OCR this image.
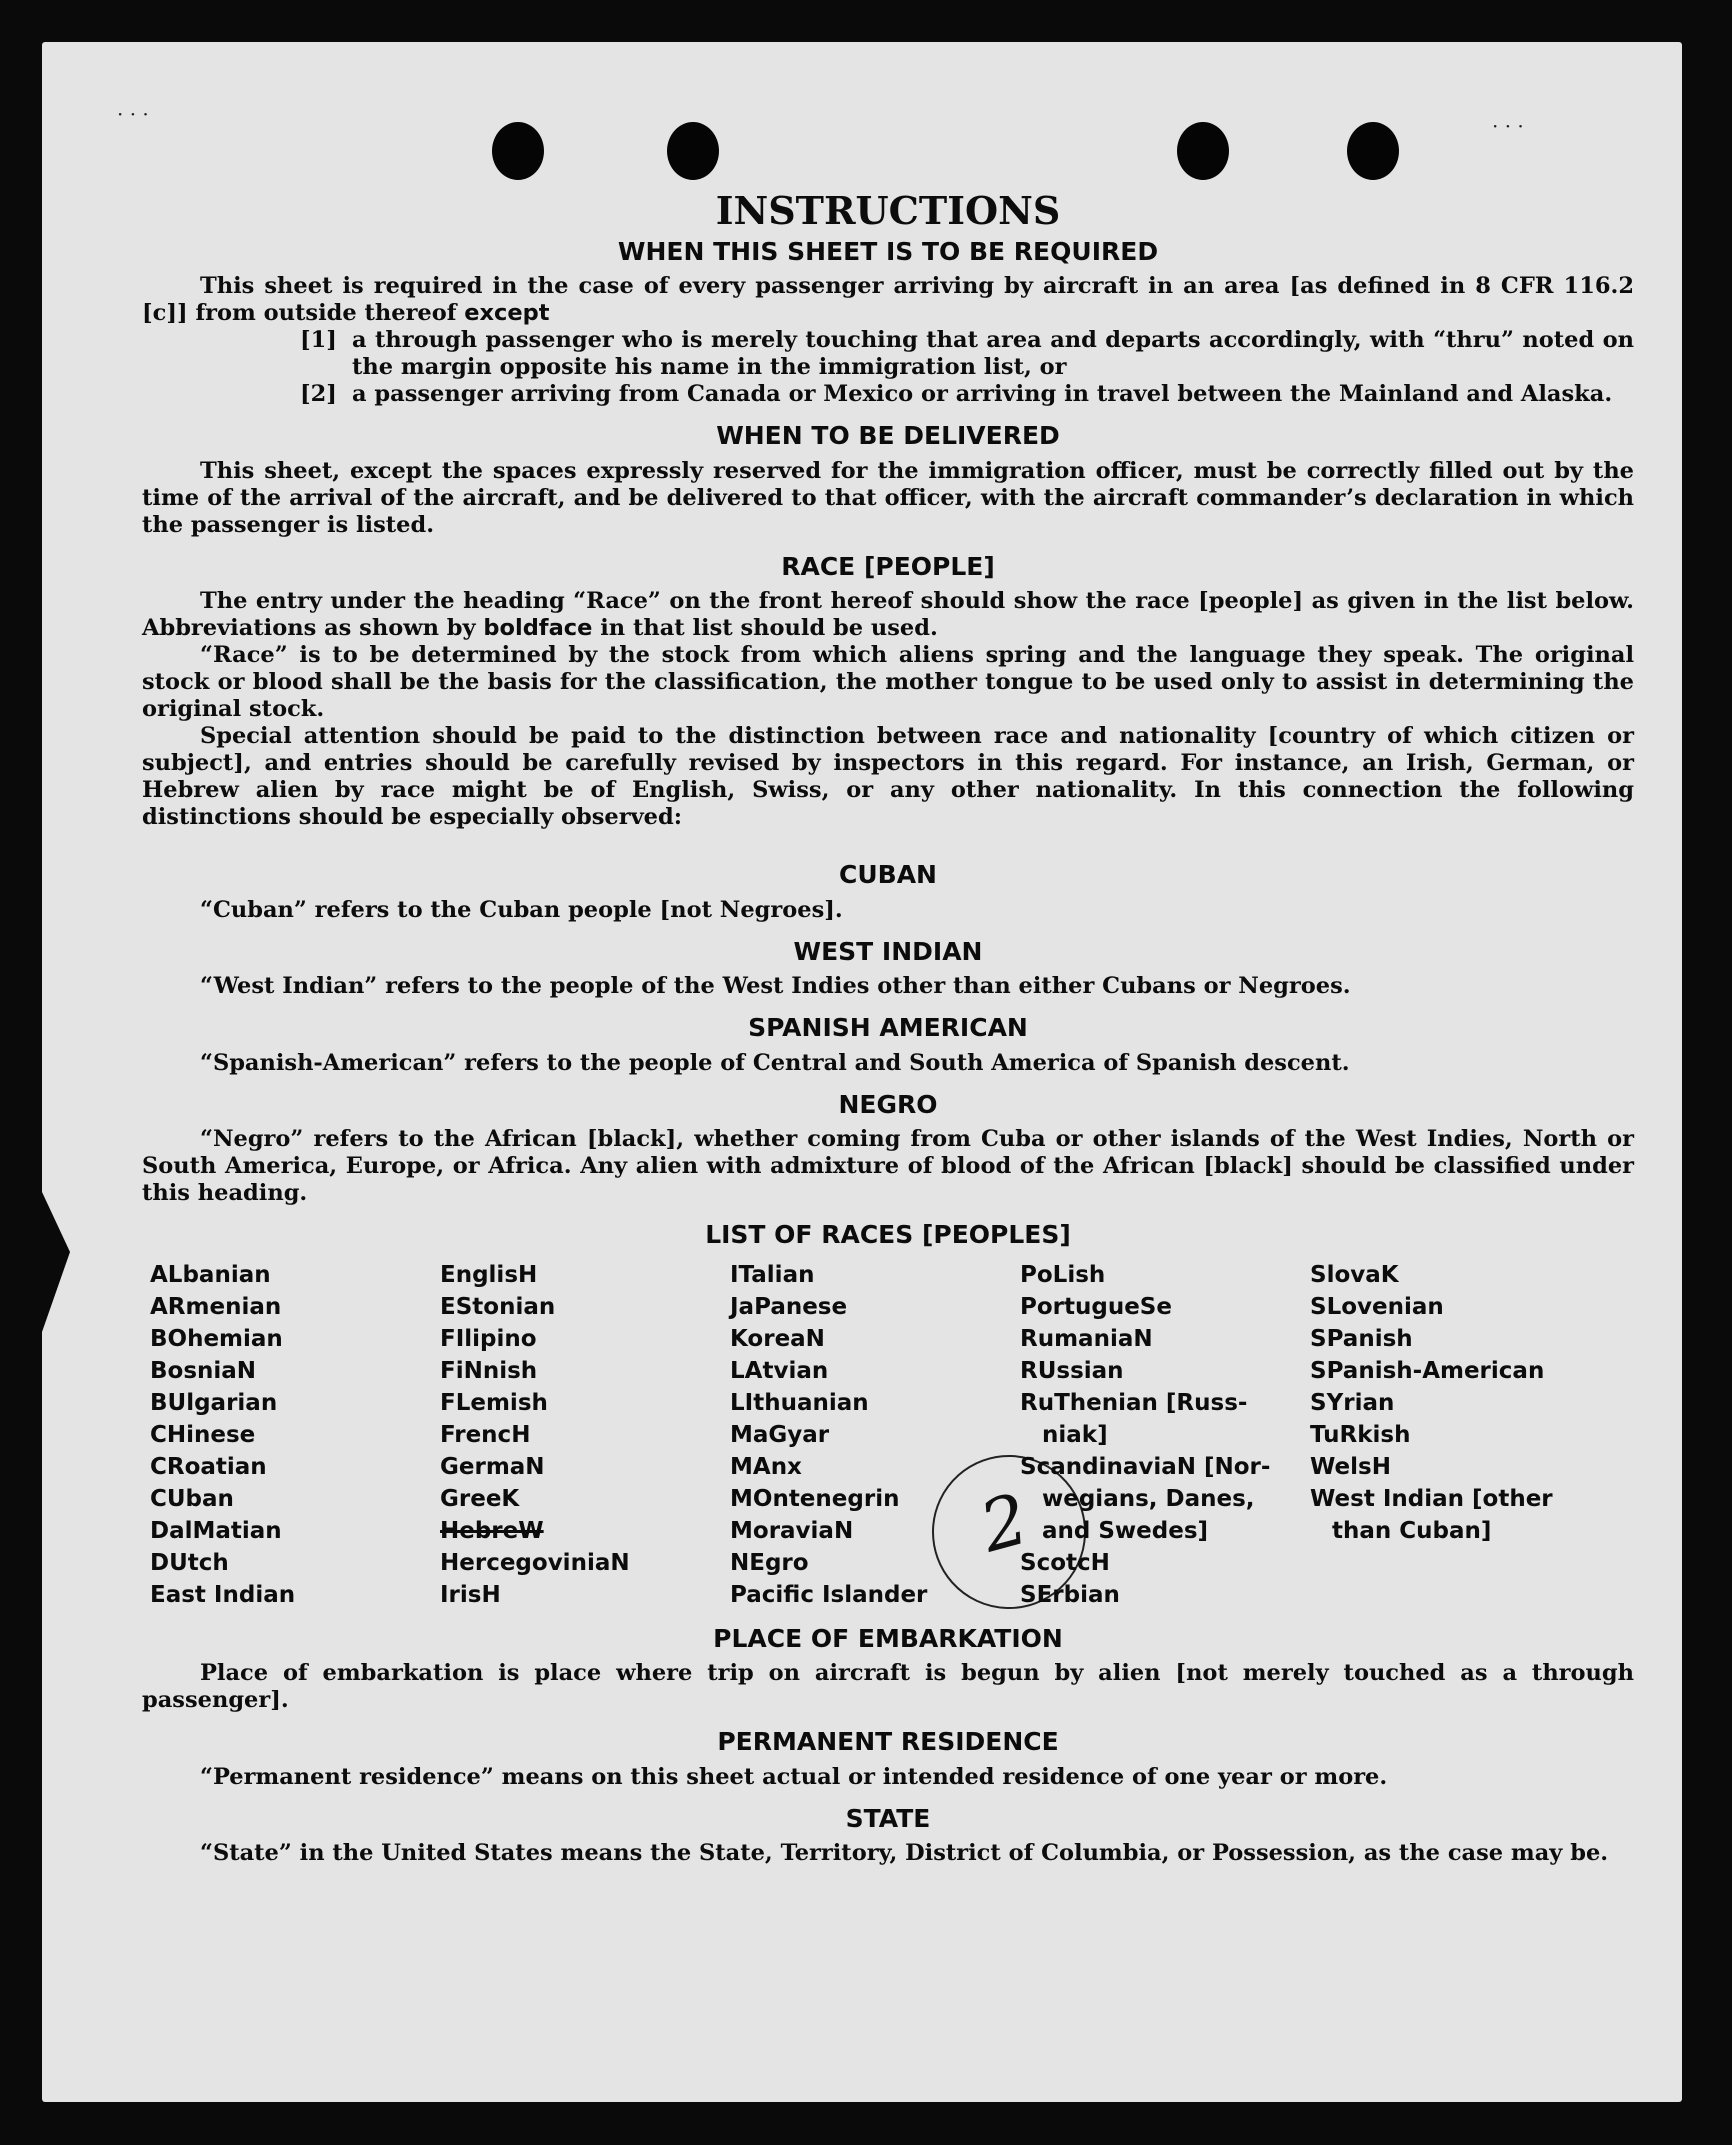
· · ·	· · ·
2
INSTRUCTIONS
WHEN THIS SHEET IS TO BE REQUIRED

This sheet is required in the case of every passenger arriving by aircraft in an area [as defined in 8 CFR 116.2 [c]] from outside thereof except

[1] a through passenger who is merely touching that area and departs accordingly, with “thru” noted on the margin opposite his name in the immigration list, or
[2] a passenger arriving from Canada or Mexico or arriving in travel between the Mainland and Alaska.
WHEN TO BE DELIVERED

This sheet, except the spaces expressly reserved for the immigration officer, must be correctly filled out by the time of the arrival of the aircraft, and be delivered to that officer, with the aircraft commander’s declaration in which the passenger is listed.

RACE [PEOPLE]

The entry under the heading “Race” on the front hereof should show the race [people] as given in the list below. Abbreviations as shown by boldface in that list should be used.

“Race” is to be determined by the stock from which aliens spring and the language they speak. The original stock or blood shall be the basis for the classification, the mother tongue to be used only to assist in determining the original stock.

Special attention should be paid to the distinction between race and nationality [country of which citizen or subject], and entries should be carefully revised by inspectors in this regard. For instance, an Irish, German, or Hebrew alien by race might be of English, Swiss, or any other nationality. In this connection the following distinctions should be especially observed:

CUBAN

“Cuban” refers to the Cuban people [not Negroes].

WEST INDIAN

“West Indian” refers to the people of the West Indies other than either Cubans or Negroes.

SPANISH AMERICAN

“Spanish-American” refers to the people of Central and South America of Spanish descent.

NEGRO

“Negro” refers to the African [black], whether coming from Cuba or other islands of the West Indies, North or South America, Europe, or Africa. Any alien with admixture of blood of the African [black] should be classified under this heading.

LIST OF RACES [PEOPLES]
ALbanian
ARmenian
BOhemian
BosniaN
BUlgarian
CHinese
CRoatian
CUban
DalMatian
DUtch
East Indian
EnglisH
EStonian
FIlipino
FiNnish
FLemish
FrencH
GermaN
GreeK
HebreW
HercegoviniaN
IrisH
ITalian
JaPanese
KoreaN
LAtvian
LIthuanian
MaGyar
MAnx
MOntenegrin
MoraviaN
NEgro
Pacific Islander
PoLish
PortugueSe
RumaniaN
RUssian
RuThenian [Russ-
niak]
ScandinaviaN [Nor-
wegians, Danes,
and Swedes]
ScotcH
SErbian
SlovaK
SLovenian
SPanish
SPanish-American
SYrian
TuRkish
WelsH
West Indian [other
than Cuban]
PLACE OF EMBARKATION

Place of embarkation is place where trip on aircraft is begun by alien [not merely touched as a through passenger].

PERMANENT RESIDENCE

“Permanent residence” means on this sheet actual or intended residence of one year or more.

STATE

“State” in the United States means the State, Territory, District of Columbia, or Possession, as the case may be.
